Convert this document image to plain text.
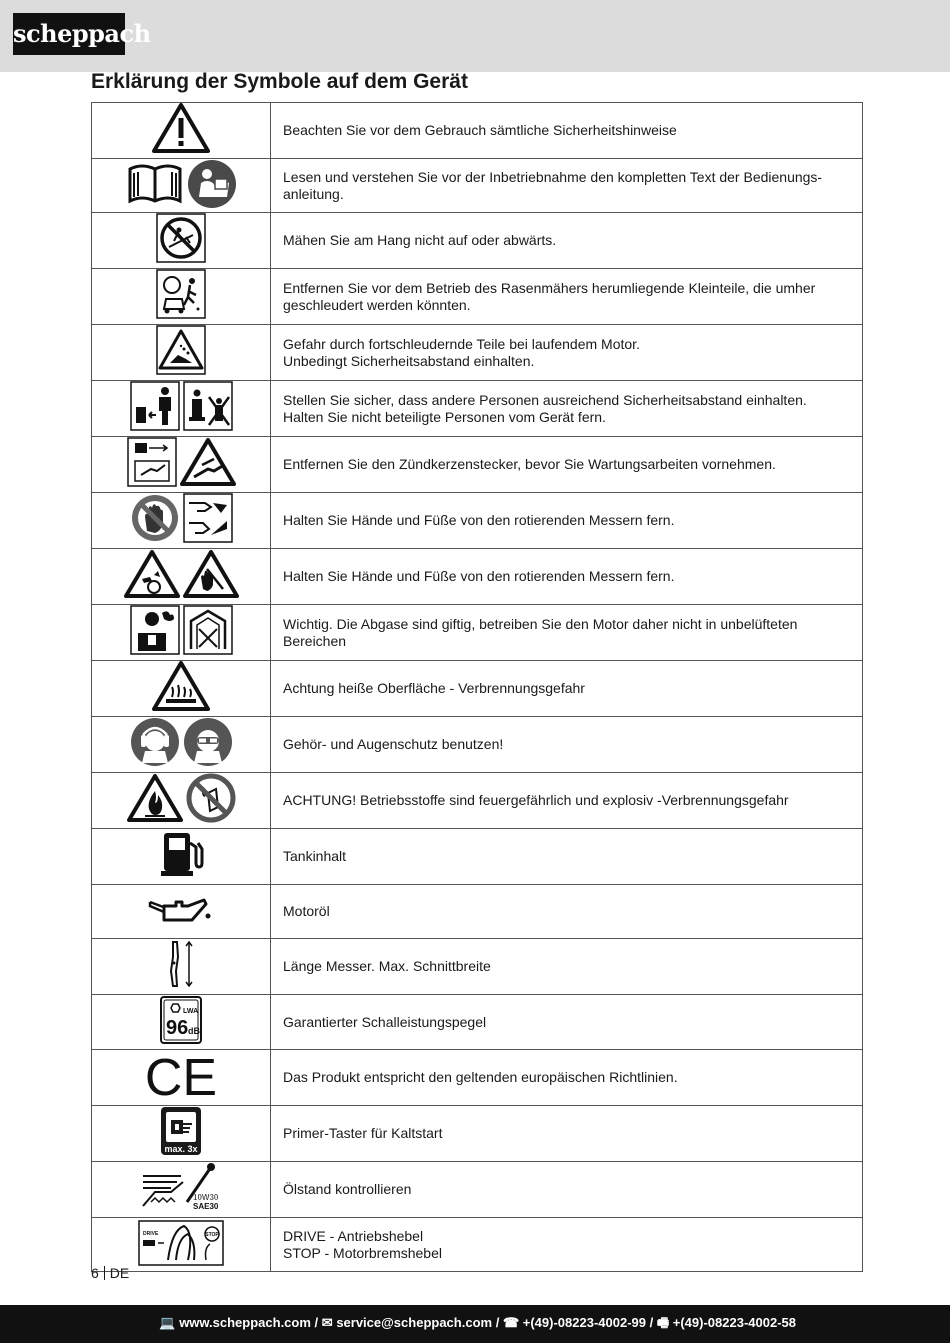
scheppach
Erklärung der Symbole auf dem Gerät
	Beachten Sie vor dem Gebrauch sämtliche Sicherheitshinweise

	Lesen und verstehen Sie vor der Inbetriebnahme den kompletten Text der Bedienungs-
anleitung.

	Mähen Sie am Hang nicht auf oder abwärts.

	Entfernen Sie vor dem Betrieb des Rasenmähers herumliegende Kleinteile, die umher geschleudert werden könnten.

	Gefahr durch fortschleudernde Teile bei laufendem Motor.
Unbedingt Sicherheitsabstand einhalten.

	Stellen Sie sicher, dass andere Personen ausreichend Sicherheitsabstand einhalten.
Halten Sie nicht beteiligte Personen vom Gerät fern.

	Entfernen Sie den Zündkerzenstecker, bevor Sie Wartungsarbeiten vornehmen.

	Halten Sie Hände und Füße von den rotierenden Messern fern.

	Halten Sie Hände und Füße von den rotierenden Messern fern.

	Wichtig. Die Abgase sind giftig, betreiben Sie den Motor daher nicht in unbelüfteten Bereichen

	Achtung heiße Oberfläche - Verbrennungsgefahr

	Gehör- und Augenschutz benutzen!

	ACHTUNG! Betriebsstoffe sind feuergefährlich und explosiv -Verbrennungsgefahr

	Tankinhalt

	Motoröl

	Länge Messer. Max. Schnittbreite

LWA
96 dB	Garantierter Schalleistungspegel

CE	Das Produkt entspricht den geltenden europäischen Richtlinien.

max. 3x	Primer-Taster für Kaltstart

10W30
SAE30	Ölstand kontrollieren

DRIVE STOP	DRIVE - Antriebshebel
STOP - Motorbremshebel
6 DE
💻 www.scheppach.com / ✉ service@scheppach.com / ☎ +(49)-08223-4002-99 / 🖷 +(49)-08223-4002-58
